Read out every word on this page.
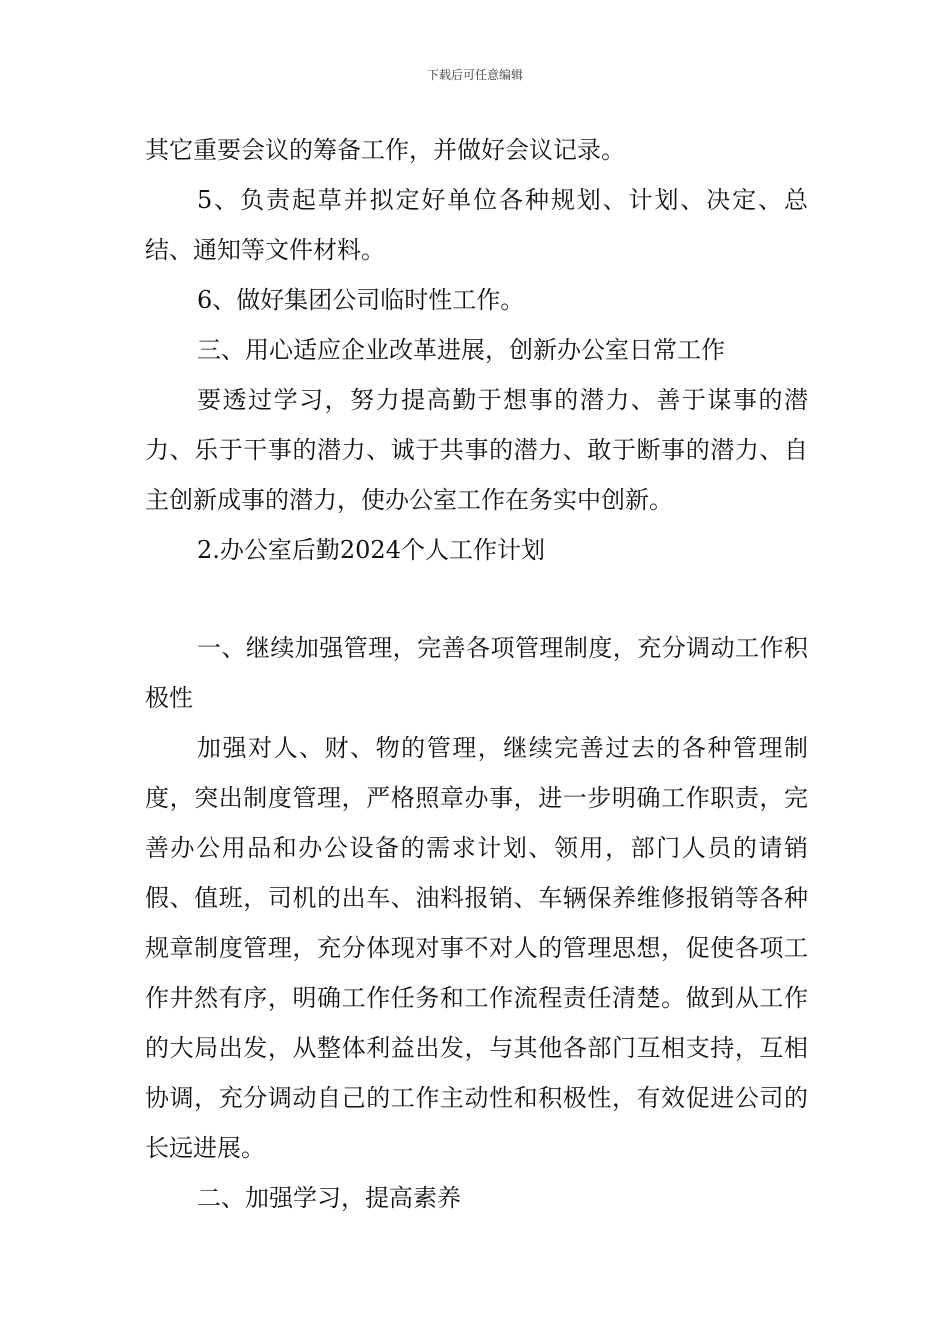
下载后可任意编辑

其它重要会议的筹备工作，并做好会议记录。

5、负责起草并拟定好单位各种规划、计划、决定、总结、通知等文件材料。

6、做好集团公司临时性工作。

三、用心适应企业改革进展，创新办公室日常工作

要透过学习，努力提高勤于想事的潜力、善于谋事的潜力、乐于干事的潜力、诚于共事的潜力、敢于断事的潜力、自主创新成事的潜力，使办公室工作在务实中创新。

2.办公室后勤2024个人工作计划

一、继续加强管理，完善各项管理制度，充分调动工作积极性

加强对人、财、物的管理，继续完善过去的各种管理制度，突出制度管理，严格照章办事，进一步明确工作职责，完善办公用品和办公设备的需求计划、领用，部门人员的请销假、值班，司机的出车、油料报销、车辆保养维修报销等各种规章制度管理，充分体现对事不对人的管理思想，促使各项工作井然有序，明确工作任务和工作流程责任清楚。做到从工作的大局出发，从整体利益出发，与其他各部门互相支持，互相协调，充分调动自己的工作主动性和积极性，有效促进公司的长远进展。

二、加强学习，提高素养
